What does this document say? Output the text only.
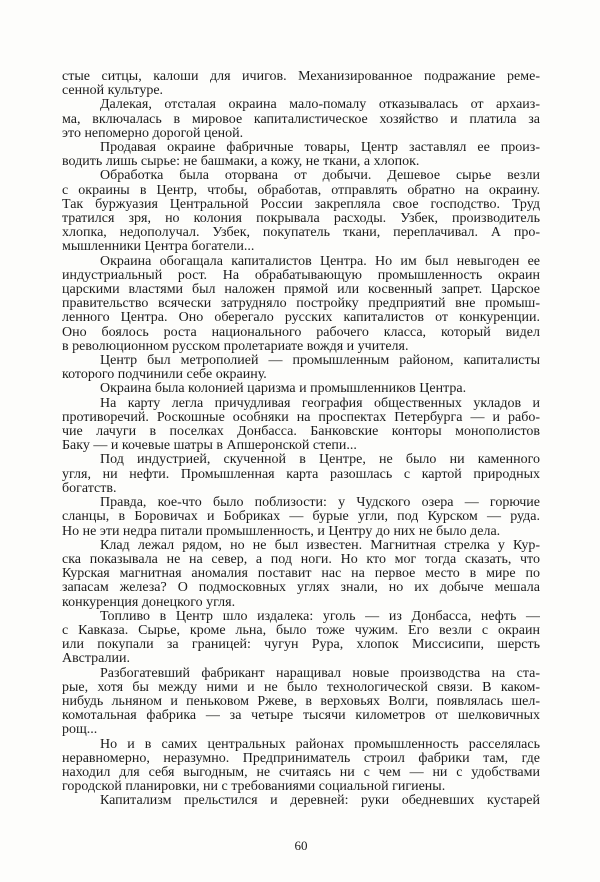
стые ситцы, калоши для ичигов. Механизированное подражание реме-
сенной культуре.
Далекая, отсталая окраина мало-помалу отказывалась от архаиз-
ма, включалась в мировое капиталистическое хозяйство и платила за
это непомерно дорогой ценой.
Продавая окраине фабричные товары, Центр заставлял ее произ-
водить лишь сырье: не башмаки, а кожу, не ткани, а хлопок.
Обработка была оторвана от добычи. Дешевое сырье везли
с окраины в Центр, чтобы, обработав, отправлять обратно на окраину.
Так буржуазия Центральной России закрепляла свое господство. Труд
тратился зря, но колония покрывала расходы. Узбек, производитель
хлопка, недополучал. Узбек, покупатель ткани, переплачивал. А про-
мышленники Центра богатели...
Окраина обогащала капиталистов Центра. Но им был невыгоден ее
индустриальный рост. На обрабатывающую промышленность окраин
царскими властями был наложен прямой или косвенный запрет. Царское
правительство всячески затрудняло постройку предприятий вне промыш-
ленного Центра. Оно оберегало русских капиталистов от конкуренции.
Оно боялось роста национального рабочего класса, который видел
в революционном русском пролетариате вождя и учителя.
Центр был метрополией — промышленным районом, капиталисты
которого подчинили себе окраину.
Окраина была колонией царизма и промышленников Центра.
На карту легла причудливая география общественных укладов и
противоречий. Роскошные особняки на проспектах Петербурга — и рабо-
чие лачуги в поселках Донбасса. Банковские конторы монополистов
Баку — и кочевые шатры в Апшеронской степи...
Под индустрией, скученной в Центре, не было ни каменного
угля, ни нефти. Промышленная карта разошлась с картой природных
богатств.
Правда, кое-что было поблизости: у Чудского озера — горючие
сланцы, в Боровичах и Бобриках — бурые угли, под Курском — руда.
Но не эти недра питали промышленность, и Центру до них не было дела.
Клад лежал рядом, но не был известен. Магнитная стрелка у Кур-
ска показывала не на север, а под ноги. Но кто мог тогда сказать, что
Курская магнитная аномалия поставит нас на первое место в мире по
запасам железа? О подмосковных углях знали, но их добыче мешала
конкуренция донецкого угля.
Топливо в Центр шло издалека: уголь — из Донбасса, нефть —
с Кавказа. Сырье, кроме льна, было тоже чужим. Его везли с окраин
или покупали за границей: чугун Рура, хлопок Миссисипи, шерсть
Австралии.
Разбогатевший фабрикант наращивал новые производства на ста-
рые, хотя бы между ними и не было технологической связи. В каком-
нибудь льняном и пеньковом Ржеве, в верховьях Волги, появлялась шел-
комотальная фабрика — за четыре тысячи километров от шелковичных
рощ...
Но и в самих центральных районах промышленность расселялась
неравномерно, неразумно. Предприниматель строил фабрики там, где
находил для себя выгодным, не считаясь ни с чем — ни с удобствами
городской планировки, ни с требованиями социальной гигиены.
Капитализм прельстился и деревней: руки обедневших кустарей
60
